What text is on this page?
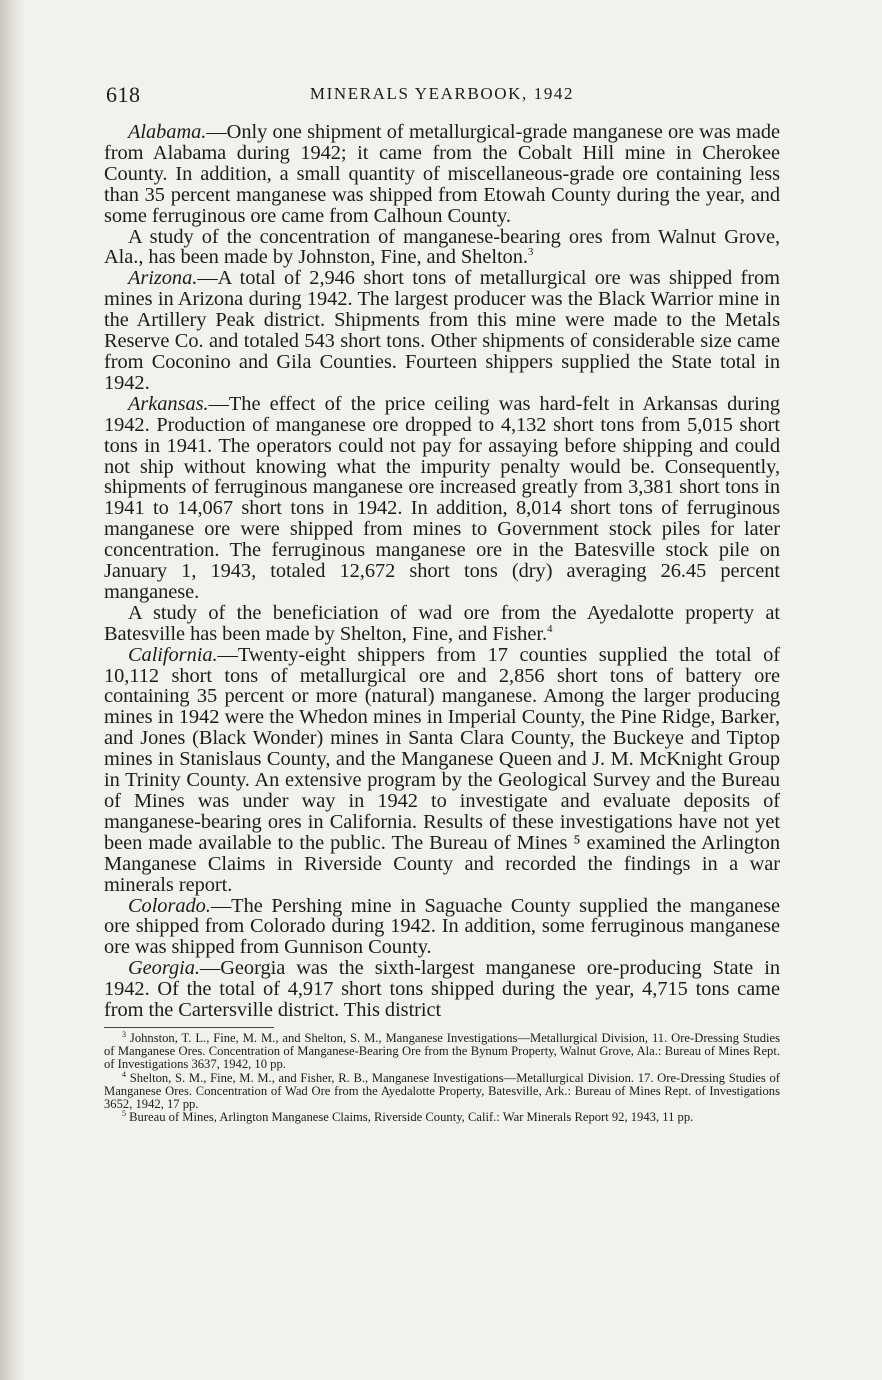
618	MINERALS YEARBOOK, 1942

Alabama.—Only one shipment of metallurgical-grade manganese ore was made from Alabama during 1942; it came from the Cobalt Hill mine in Cherokee County. In addition, a small quantity of miscellaneous-grade ore containing less than 35 percent manganese was shipped from Etowah County during the year, and some ferruginous ore came from Calhoun County.

A study of the concentration of manganese-bearing ores from Walnut Grove, Ala., has been made by Johnston, Fine, and Shelton.$^3$

Arizona.—A total of 2,946 short tons of metallurgical ore was shipped from mines in Arizona during 1942. The largest producer was the Black Warrior mine in the Artillery Peak district. Shipments from this mine were made to the Metals Reserve Co. and totaled 543 short tons. Other shipments of considerable size came from Coconino and Gila Counties. Fourteen shippers supplied the State total in 1942.

Arkansas.—The effect of the price ceiling was hard-felt in Arkansas during 1942. Production of manganese ore dropped to 4,132 short tons from 5,015 short tons in 1941. The operators could not pay for assaying before shipping and could not ship without knowing what the impurity penalty would be. Consequently, shipments of ferruginous manganese ore increased greatly from 3,381 short tons in 1941 to 14,067 short tons in 1942. In addition, 8,014 short tons of ferruginous manganese ore were shipped from mines to Government stock piles for later concentration. The ferruginous manganese ore in the Batesville stock pile on January 1, 1943, totaled 12,672 short tons (dry) averaging 26.45 percent manganese.

A study of the beneficiation of wad ore from the Ayedalotte property at Batesville has been made by Shelton, Fine, and Fisher.$^4$

California.—Twenty-eight shippers from 17 counties supplied the total of 10,112 short tons of metallurgical ore and 2,856 short tons of battery ore containing 35 percent or more (natural) manganese. Among the larger producing mines in 1942 were the Whedon mines in Imperial County, the Pine Ridge, Barker, and Jones (Black Wonder) mines in Santa Clara County, the Buckeye and Tiptop mines in Stanislaus County, and the Manganese Queen and J. M. McKnight Group in Trinity County. An extensive program by the Geological Survey and the Bureau of Mines was under way in 1942 to investigate and evaluate deposits of manganese-bearing ores in California. Results of these investigations have not yet been made available to the public. The Bureau of Mines ⁵ examined the Arlington Manganese Claims in Riverside County and recorded the findings in a war minerals report.

Colorado.—The Pershing mine in Saguache County supplied the manganese ore shipped from Colorado during 1942. In addition, some ferruginous manganese ore was shipped from Gunnison County.

Georgia.—Georgia was the sixth-largest manganese ore-producing State in 1942. Of the total of 4,917 short tons shipped during the year, 4,715 tons came from the Cartersville district. This district

$^3$ Johnston, T. L., Fine, M. M., and Shelton, S. M., Manganese Investigations—Metallurgical Division, 11. Ore-Dressing Studies of Manganese Ores. Concentration of Manganese-Bearing Ore from the Bynum Property, Walnut Grove, Ala.: Bureau of Mines Rept. of Investigations 3637, 1942, 10 pp.

$^4$ Shelton, S. M., Fine, M. M., and Fisher, R. B., Manganese Investigations—Metallurgical Division. 17. Ore-Dressing Studies of Manganese Ores. Concentration of Wad Ore from the Ayedalotte Property, Batesville, Ark.: Bureau of Mines Rept. of Investigations 3652, 1942, 17 pp.

$^5$ Bureau of Mines, Arlington Manganese Claims, Riverside County, Calif.: War Minerals Report 92, 1943, 11 pp.
